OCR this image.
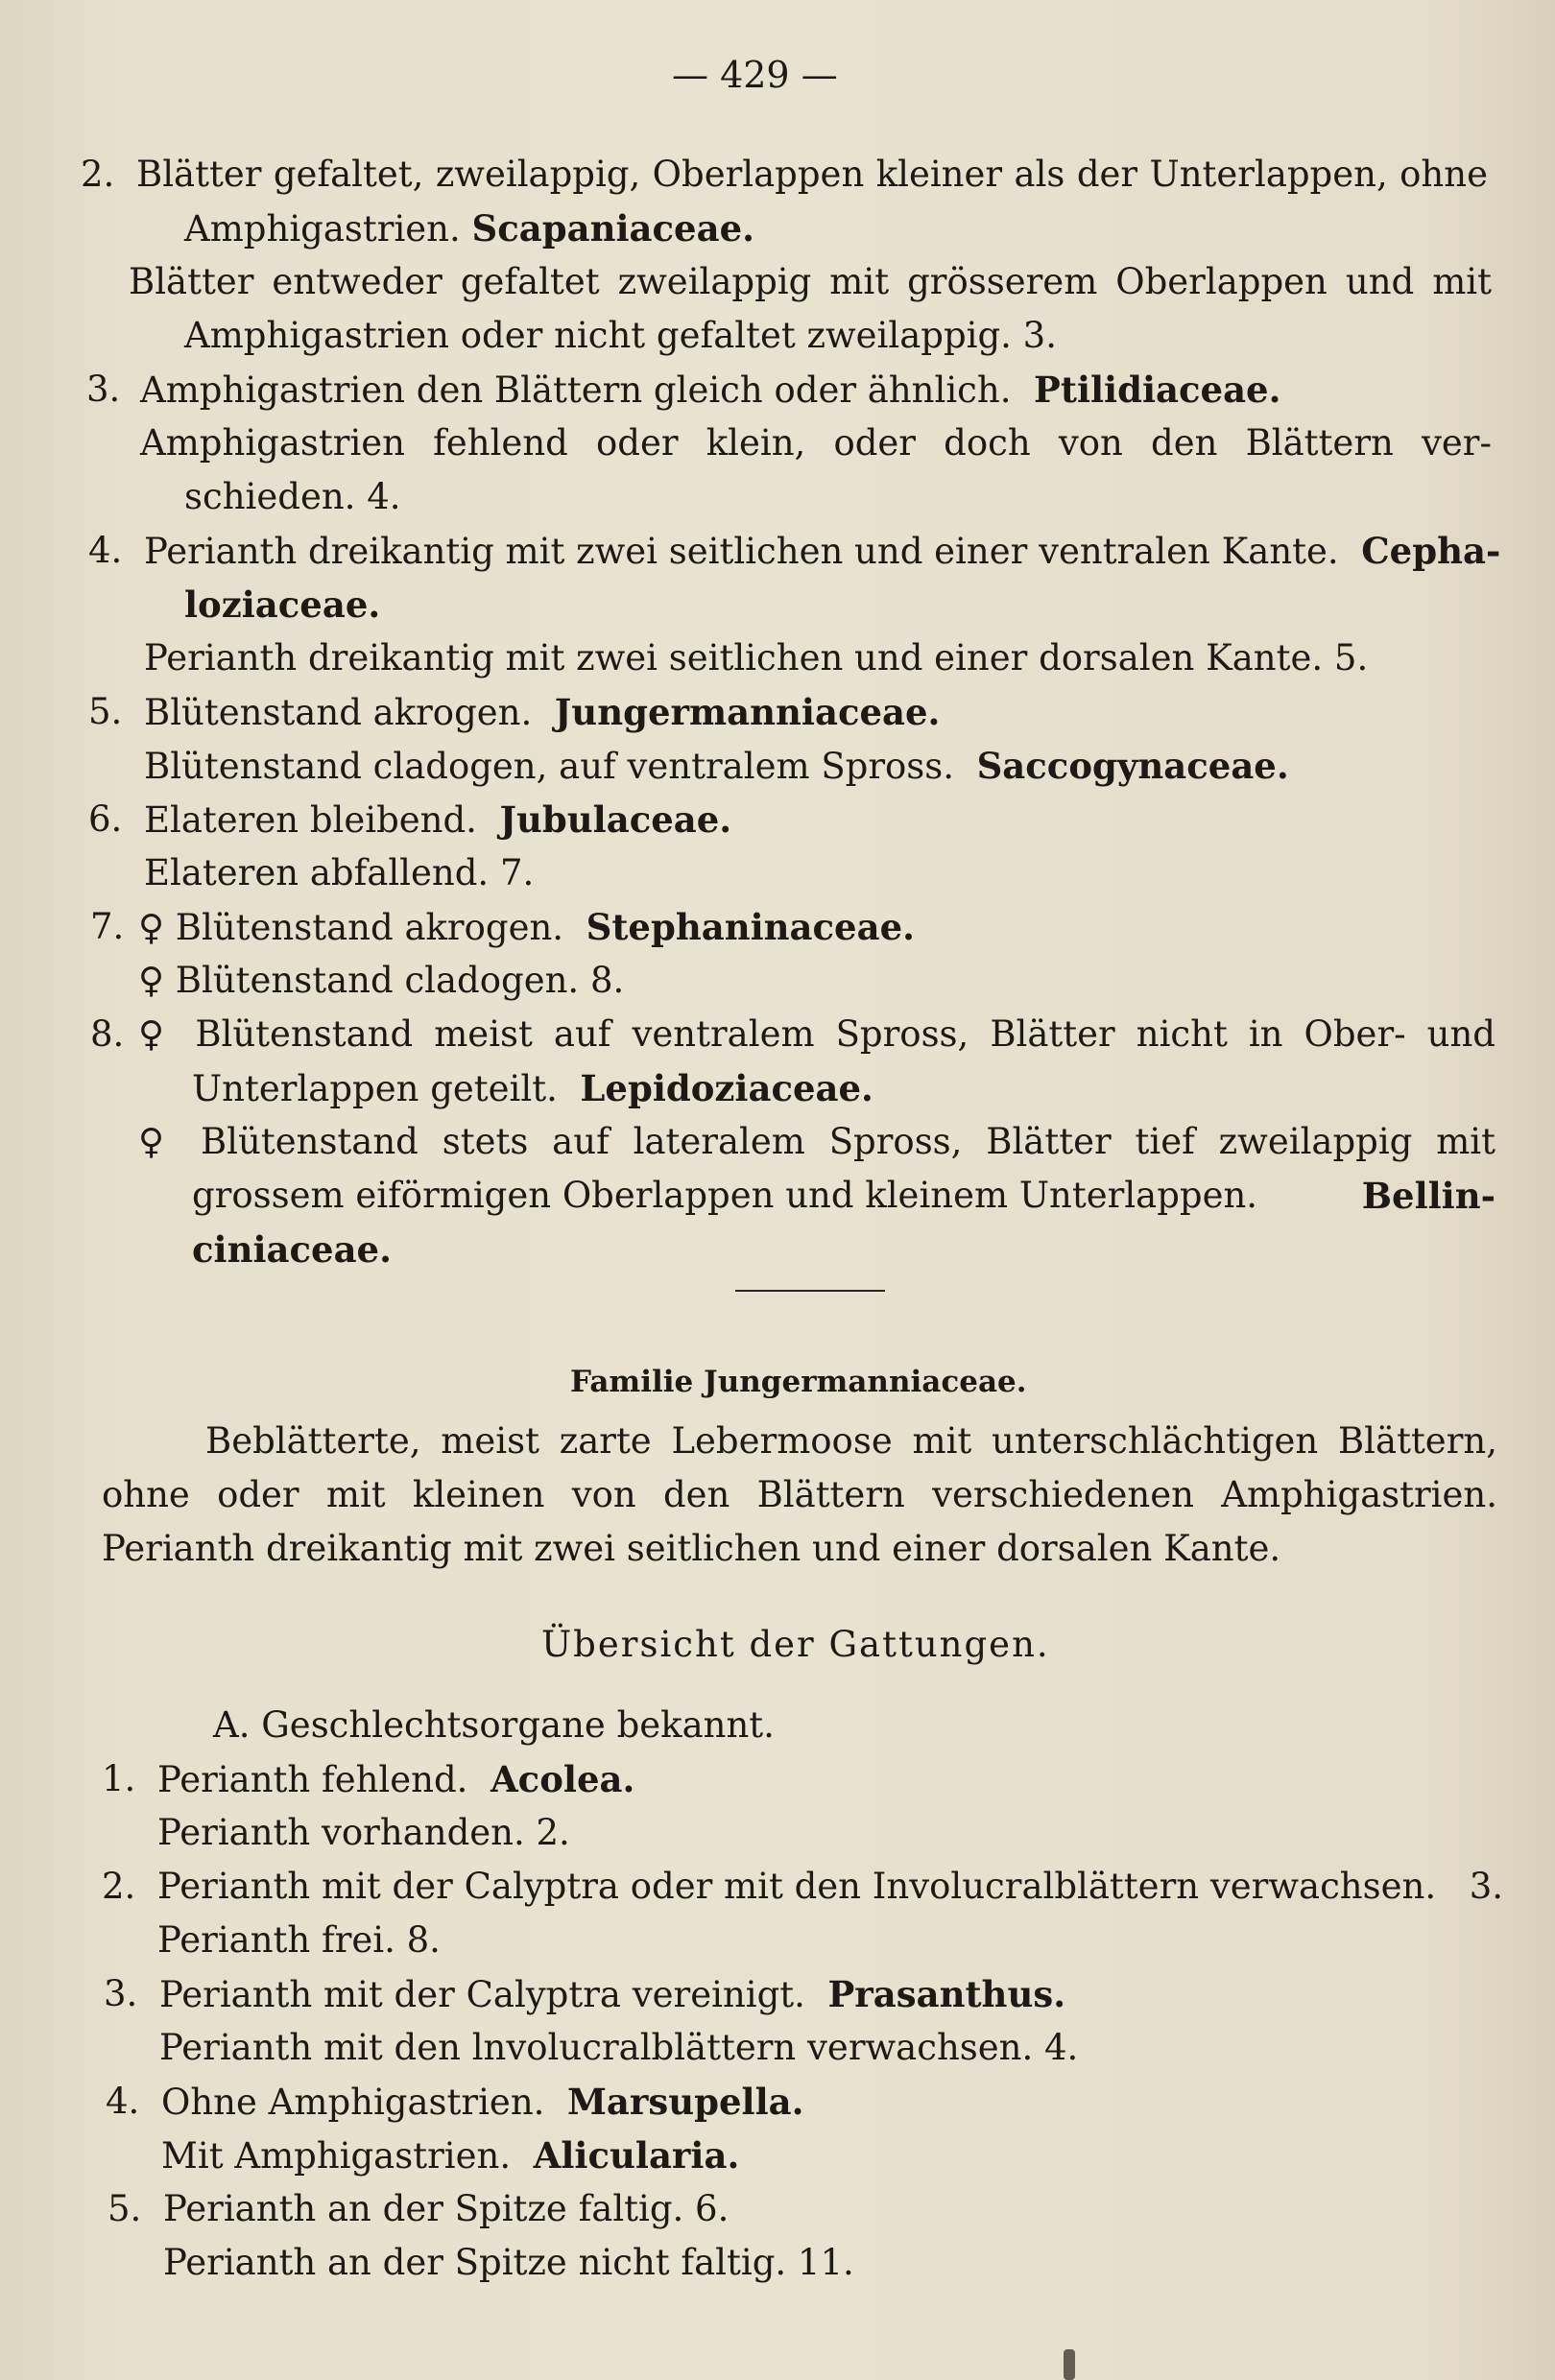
— 429 —
2. Blätter gefaltet, zweilappig, Oberlappen kleiner als der Unterlappen, ohne
Amphigastrien. Scapaniaceae.
Blätter entweder gefaltet zweilappig mit grösserem Oberlappen und mit
Amphigastrien oder nicht gefaltet zweilappig. 3.
3. Amphigastrien den Blättern gleich oder ähnlich. Ptilidiaceae.
Amphigastrien fehlend oder klein, oder doch von den Blättern ver-
schieden. 4.
4. Perianth dreikantig mit zwei seitlichen und einer ventralen Kante. Cepha-
loziaceae.
Perianth dreikantig mit zwei seitlichen und einer dorsalen Kante. 5.
5. Blütenstand akrogen. Jungermanniaceae.
Blütenstand cladogen, auf ventralem Spross. Saccogynaceae.
6. Elateren bleibend. Jubulaceae.
Elateren abfallend. 7.
7. ♀ Blütenstand akrogen. Stephaninaceae.
♀ Blütenstand cladogen. 8.
8. ♀ Blütenstand meist auf ventralem Spross, Blätter nicht in Ober- und
Unterlappen geteilt. Lepidoziaceae.
♀ Blütenstand stets auf lateralem Spross, Blätter tief zweilappig mit
grossem eiförmigen Oberlappen und kleinem Unterlappen.	Bellin-
ciniaceae.
Familie Jungermanniaceae.
Beblätterte, meist zarte Lebermoose mit unterschlächtigen Blättern,
ohne oder mit kleinen von den Blättern verschiedenen Amphigastrien.
Perianth dreikantig mit zwei seitlichen und einer dorsalen Kante.
Übersicht der Gattungen.
A. Geschlechtsorgane bekannt.
1. Perianth fehlend. Acolea.
Perianth vorhanden. 2.
2. Perianth mit der Calyptra oder mit den Involucralblättern verwachsen. 3.
Perianth frei. 8.
3. Perianth mit der Calyptra vereinigt. Prasanthus.
Perianth mit den lnvolucralblättern verwachsen. 4.
4. Ohne Amphigastrien. Marsupella.
Mit Amphigastrien. Alicularia.
5. Perianth an der Spitze faltig. 6.
Perianth an der Spitze nicht faltig. 11.
